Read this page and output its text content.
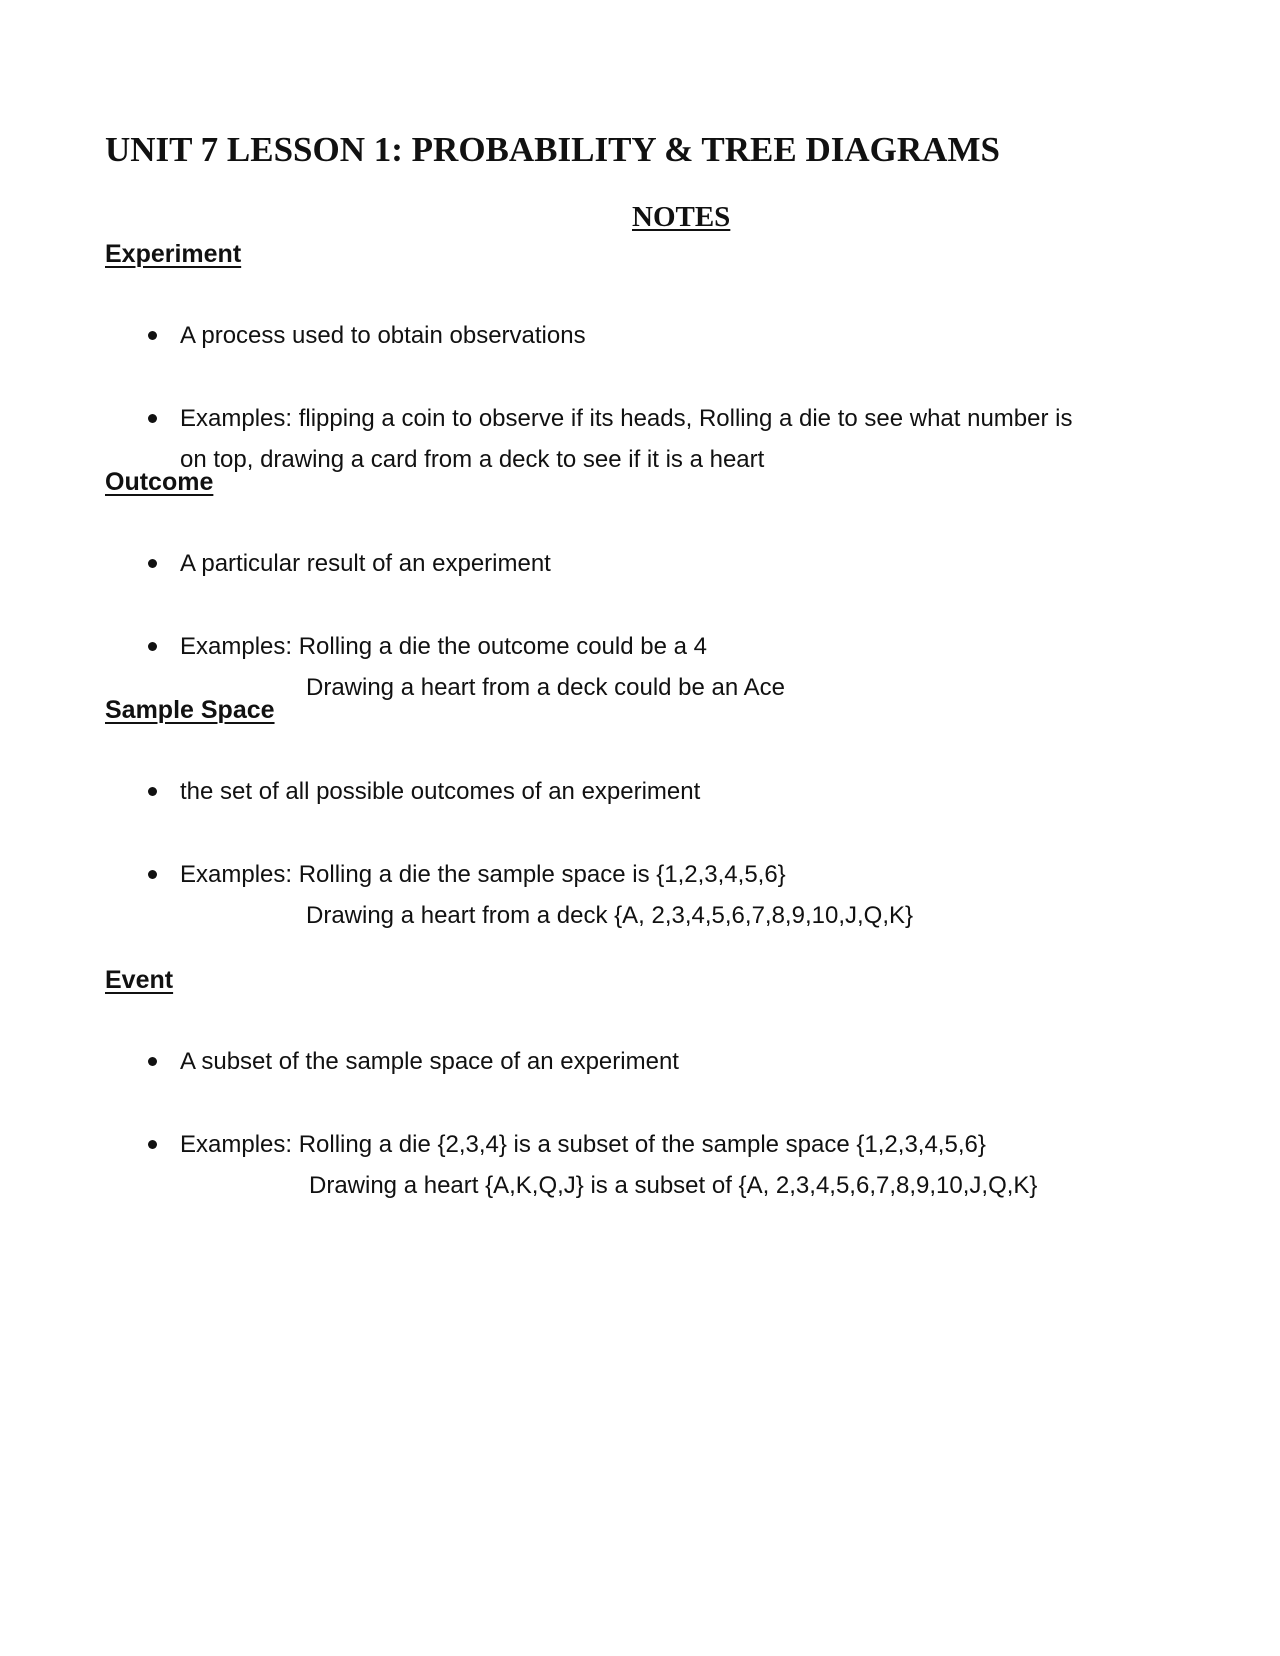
UNIT 7 LESSON 1: PROBABILITY & TREE DIAGRAMS
NOTES
Experiment
A process used to obtain observations
Examples: flipping a coin to observe if its heads, Rolling a die to see what number is
on top, drawing a card from a deck to see if it is a heart
Outcome
A particular result of an experiment
Examples: Rolling a die the outcome could be a 4
Drawing a heart from a deck could be an Ace
Sample Space
the set of all possible outcomes of an experiment
Examples: Rolling a die the sample space is {1,2,3,4,5,6}
Drawing a heart from a deck {A, 2,3,4,5,6,7,8,9,10,J,Q,K}
Event
A subset of the sample space of an experiment
Examples: Rolling a die {2,3,4} is a subset of the sample space {1,2,3,4,5,6}
Drawing a heart {A,K,Q,J} is a subset of {A, 2,3,4,5,6,7,8,9,10,J,Q,K}
